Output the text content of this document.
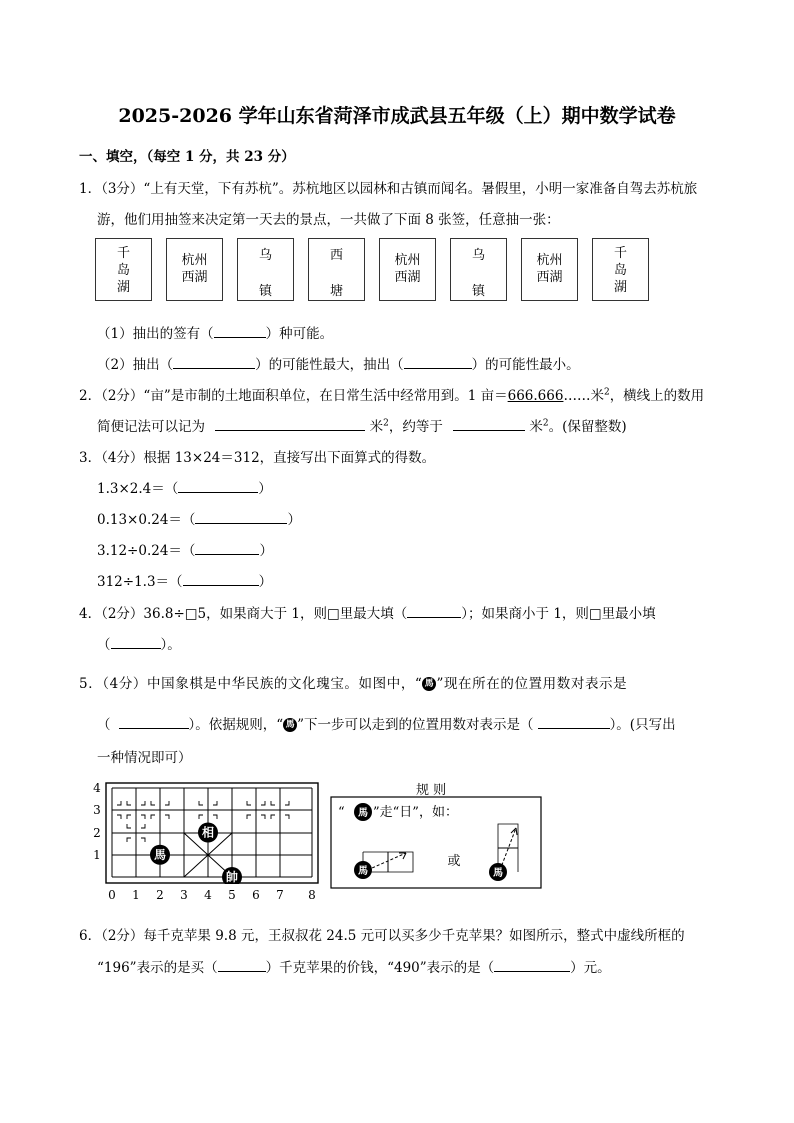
2025-2026 学年山东省菏泽市成武县五年级（上）期中数学试卷
一、填空，（每空 1 分，共 23 分）
1．（3分）“上有天堂，下有苏杭”。苏杭地区以园林和古镇而闻名。暑假里，小明一家准备自驾去苏杭旅
游，他们用抽签来决定第一天去的景点，一共做了下面 8 张签，任意抽一张：
千
岛
湖
杭州
西湖
乌
镇
西
塘
杭州
西湖
乌
镇
杭州
西湖
千
岛
湖
（1）抽出的签有（	）种可能。
（2）抽出（	）的可能性最大，抽出（	）的可能性最小。
2．（2分）“亩”是市制的土地面积单位，在日常生活中经常用到。1 亩＝666.666……米$^2$，横线上的数用
简便记法可以记为	米$^2$，约等于	米$^2$。(保留整数)
3．（4分）根据 13×24＝312，直接写出下面算式的得数。
1.3×2.4＝（	）
0.13×0.24＝（	）
3.12÷0.24＝（	）
312÷1.3＝（	）
4．（2分）36.8÷□5，如果商大于 1，则□里最大填（	）；如果商小于 1，则□里最小填
（	）。
5．（4分）中国象棋是中华民族的文化瑰宝。如图中，“ 馬 ”现在所在的位置用数对表示是
（	）。依据规则，“ 馬 ”下一步可以走到的位置用数对表示是（	）。(只写出
一种情况即可）
4
3
2
1	馬
相
帥
0 1 2 3 4 5 6 7 8
规 则
“ 馬 ”走“日”，如：
馬
或
馬
6．（2分）每千克苹果 9.8 元，王叔叔花 24.5 元可以买多少千克苹果？如图所示，整式中虚线所框的
“196”表示的是买（	）千克苹果的价钱，“490”表示的是（	）元。
